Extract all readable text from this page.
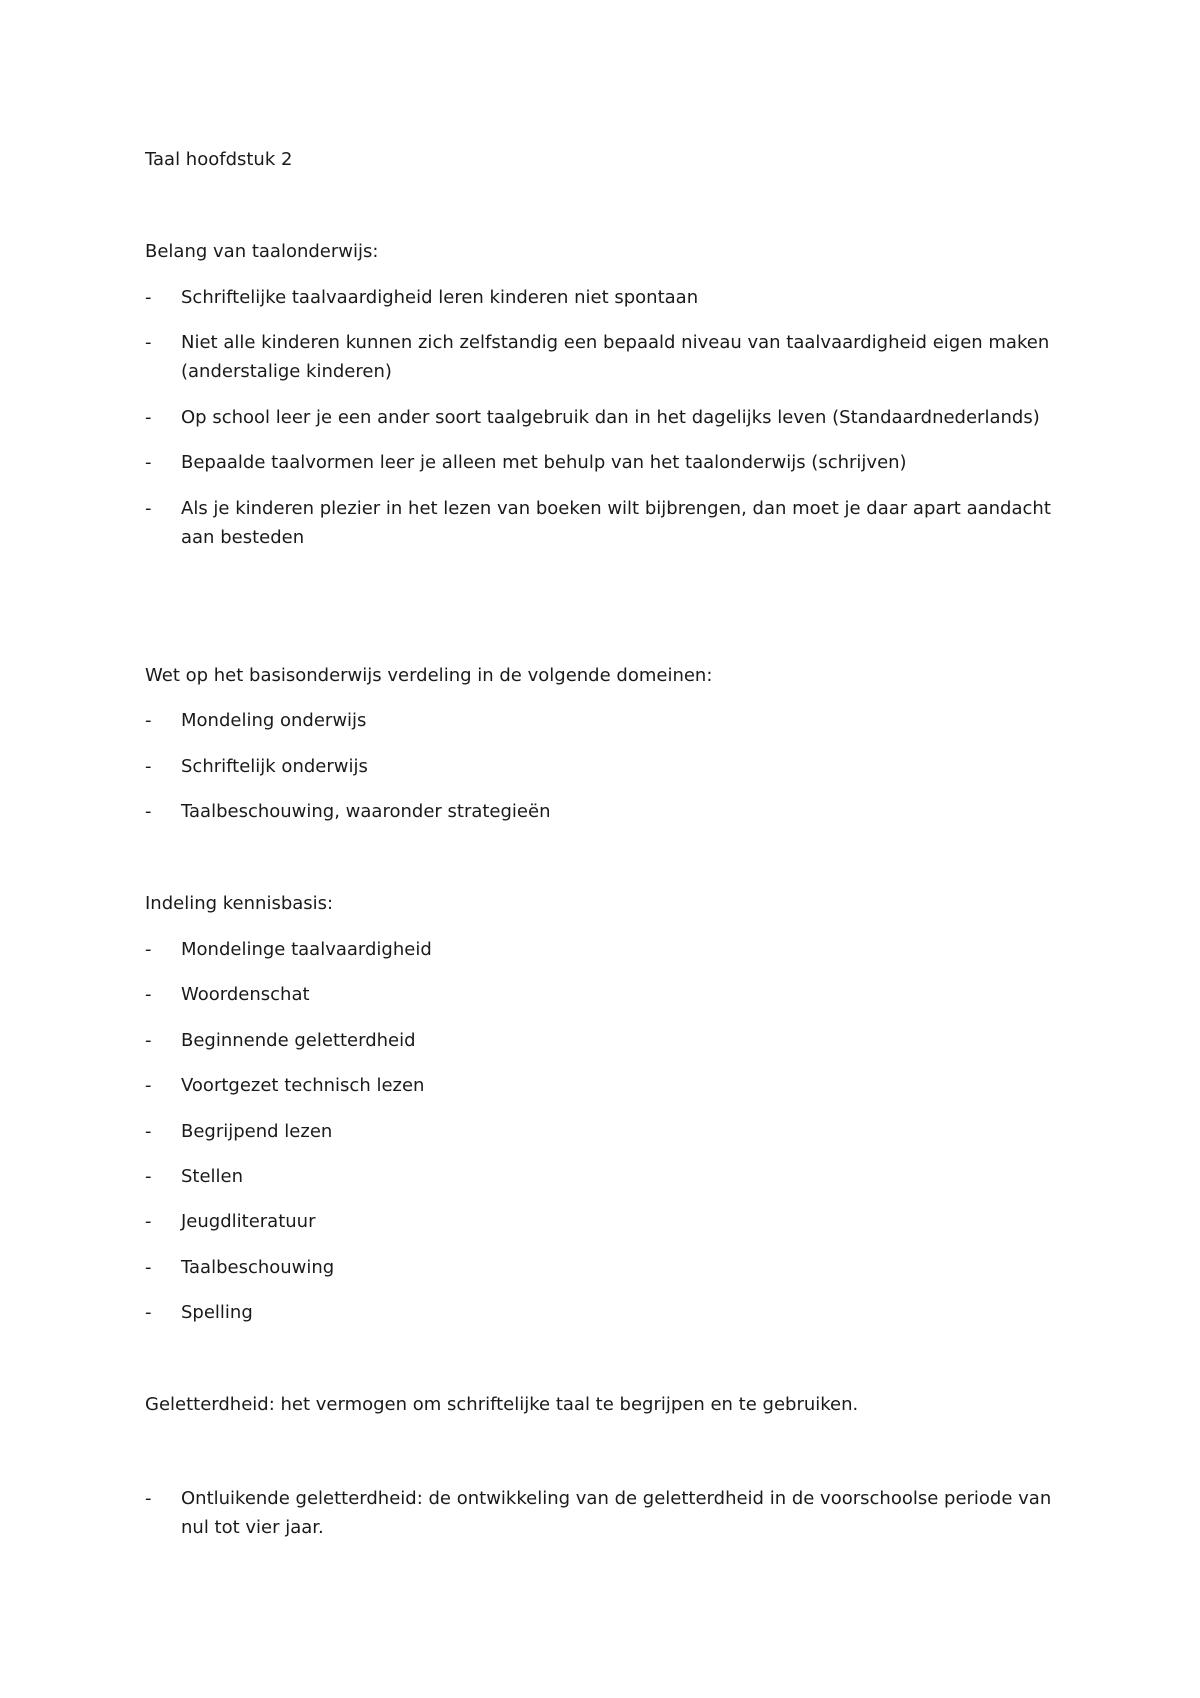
Taal hoofdstuk 2
Belang van taalonderwijs:
-	Schriftelijke taalvaardigheid leren kinderen niet spontaan
-	Niet alle kinderen kunnen zich zelfstandig een bepaald niveau van taalvaardigheid eigen maken (anderstalige kinderen)
-	Op school leer je een ander soort taalgebruik dan in het dagelijks leven (Standaardnederlands)
-	Bepaalde taalvormen leer je alleen met behulp van het taalonderwijs (schrijven)
-	Als je kinderen plezier in het lezen van boeken wilt bijbrengen, dan moet je daar apart aandacht aan besteden
Wet op het basisonderwijs verdeling in de volgende domeinen:
-	Mondeling onderwijs
-	Schriftelijk onderwijs
-	Taalbeschouwing, waaronder strategieën
Indeling kennisbasis:
-	Mondelinge taalvaardigheid
-	Woordenschat
-	Beginnende geletterdheid
-	Voortgezet technisch lezen
-	Begrijpend lezen
-	Stellen
-	Jeugdliteratuur
-	Taalbeschouwing
-	Spelling
Geletterdheid: het vermogen om schriftelijke taal te begrijpen en te gebruiken.
-	Ontluikende geletterdheid: de ontwikkeling van de geletterdheid in de voorschoolse periode van nul tot vier jaar.
